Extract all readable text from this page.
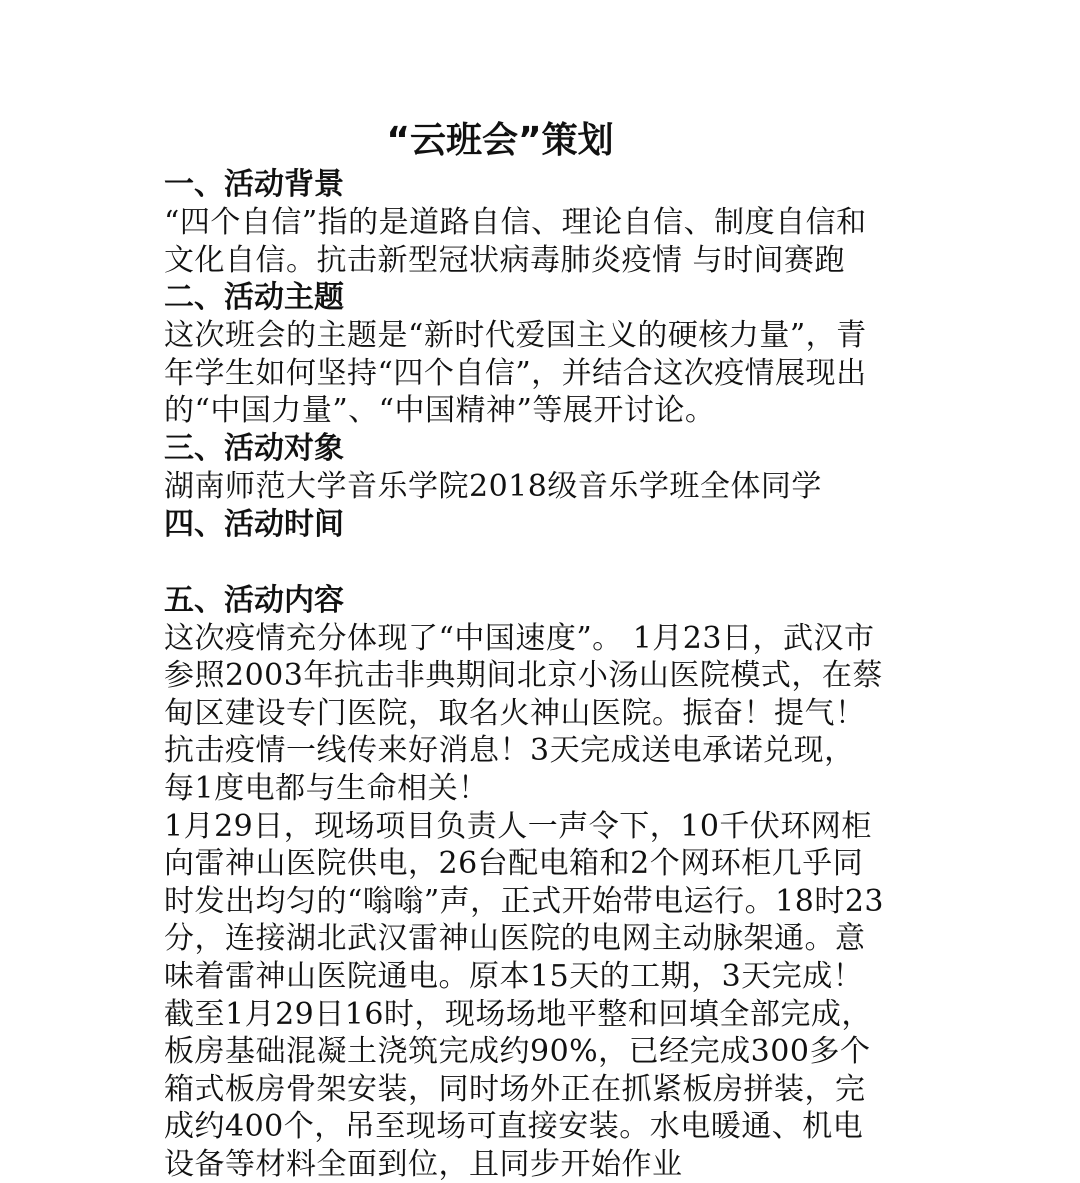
“云班会”策划
一、活动背景
“四个自信”指的是道路自信、理论自信、制度自信和
文化自信。抗击新型冠状病毒肺炎疫情 与时间赛跑
二、活动主题
这次班会的主题是“新时代爱国主义的硬核力量”，青
年学生如何坚持“四个自信”，并结合这次疫情展现出
的“中国力量”、“中国精神”等展开讨论。
三、活动对象
湖南师范大学音乐学院2018级音乐学班全体同学
四、活动时间
五、活动内容
这次疫情充分体现了“中国速度”。 1月23日，武汉市
参照2003年抗击非典期间北京小汤山医院模式，在蔡
甸区建设专门医院，取名火神山医院。振奋！提气！
抗击疫情一线传来好消息！3天完成送电承诺兑现，
每1度电都与生命相关！
1月29日，现场项目负责人一声令下，10千伏环网柜
向雷神山医院供电，26台配电箱和2个网环柜几乎同
时发出均匀的“嗡嗡”声，正式开始带电运行。18时23
分，连接湖北武汉雷神山医院的电网主动脉架通。意
味着雷神山医院通电。原本15天的工期，3天完成！
截至1月29日16时，现场场地平整和回填全部完成，
板房基础混凝土浇筑完成约90%，已经完成300多个
箱式板房骨架安装，同时场外正在抓紧板房拼装，完
成约400个，吊至现场可直接安装。水电暖通、机电
设备等材料全面到位，且同步开始作业
